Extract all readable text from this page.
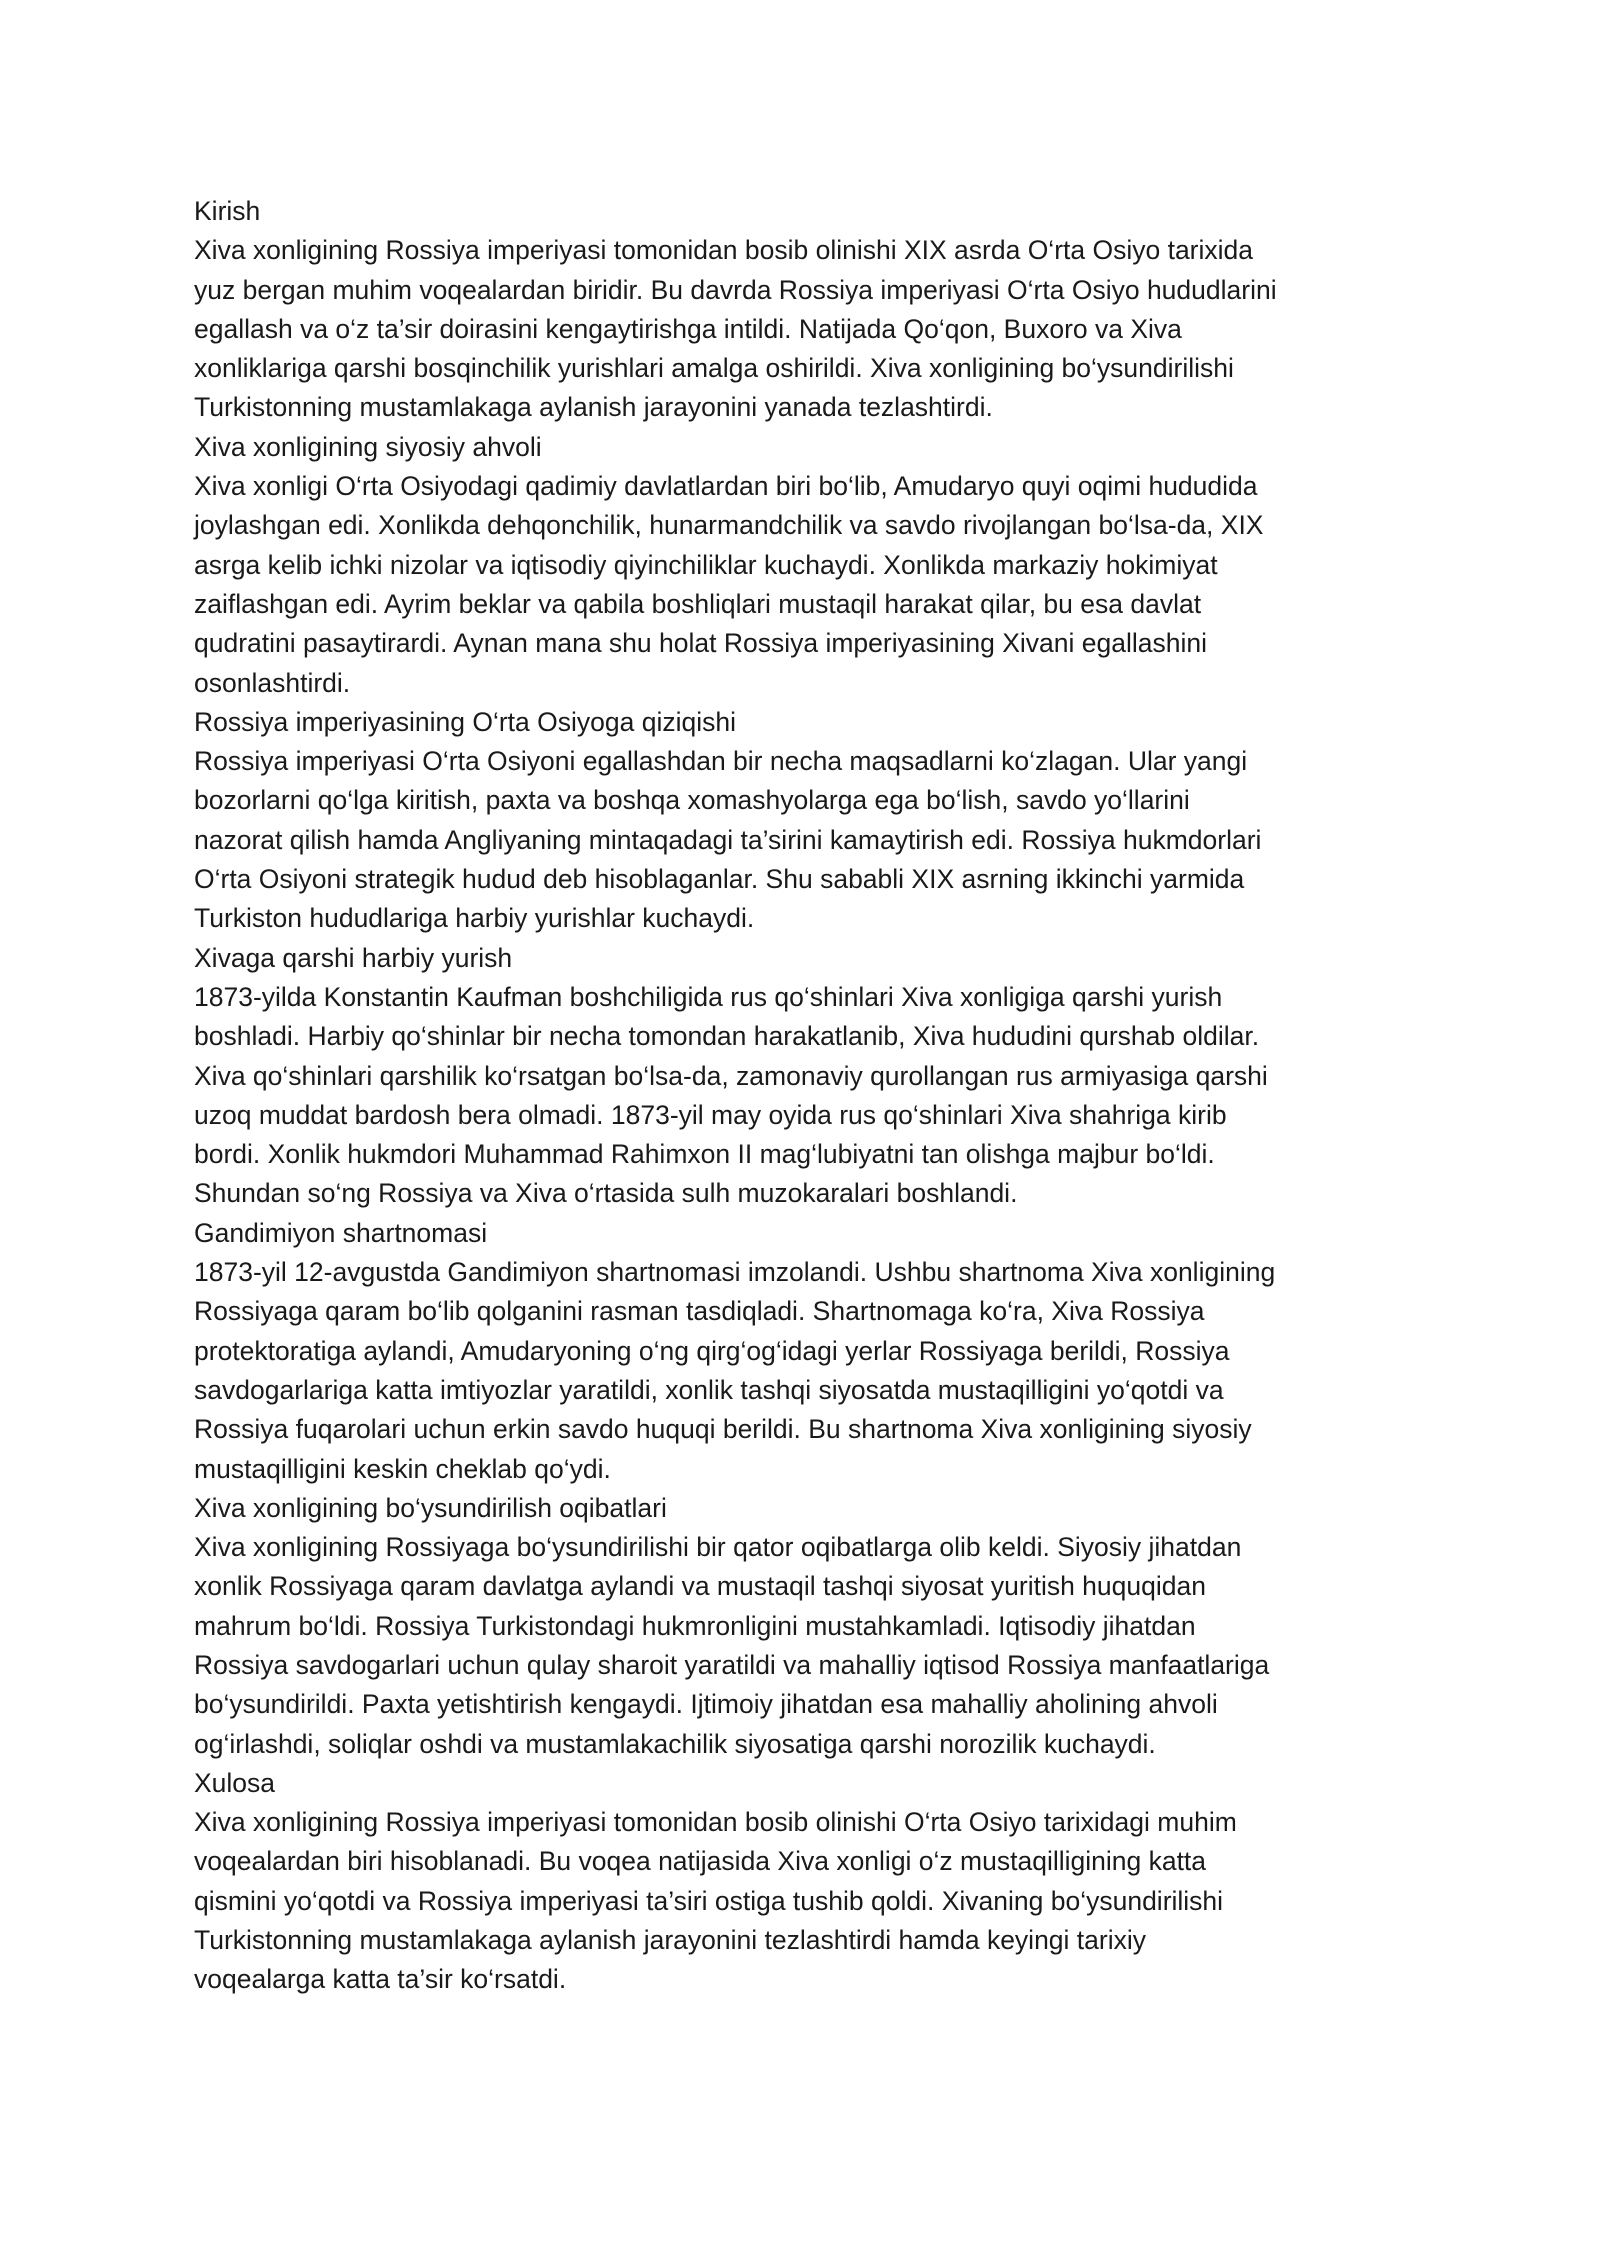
Kirish
Xiva xonligining Rossiya imperiyasi tomonidan bosib olinishi XIX asrda O‘rta Osiyo tarixida
yuz bergan muhim voqealardan biridir. Bu davrda Rossiya imperiyasi O‘rta Osiyo hududlarini
egallash va o‘z ta’sir doirasini kengaytirishga intildi. Natijada Qo‘qon, Buxoro va Xiva
xonliklariga qarshi bosqinchilik yurishlari amalga oshirildi. Xiva xonligining bo‘ysundirilishi
Turkistonning mustamlakaga aylanish jarayonini yanada tezlashtirdi.
Xiva xonligining siyosiy ahvoli
Xiva xonligi O‘rta Osiyodagi qadimiy davlatlardan biri bo‘lib, Amudaryo quyi oqimi hududida
joylashgan edi. Xonlikda dehqonchilik, hunarmandchilik va savdo rivojlangan bo‘lsa-da, XIX
asrga kelib ichki nizolar va iqtisodiy qiyinchiliklar kuchaydi. Xonlikda markaziy hokimiyat
zaiflashgan edi. Ayrim beklar va qabila boshliqlari mustaqil harakat qilar, bu esa davlat
qudratini pasaytirardi. Aynan mana shu holat Rossiya imperiyasining Xivani egallashini
osonlashtirdi.
Rossiya imperiyasining O‘rta Osiyoga qiziqishi
Rossiya imperiyasi O‘rta Osiyoni egallashdan bir necha maqsadlarni ko‘zlagan. Ular yangi
bozorlarni qo‘lga kiritish, paxta va boshqa xomashyolarga ega bo‘lish, savdo yo‘llarini
nazorat qilish hamda Angliyaning mintaqadagi ta’sirini kamaytirish edi. Rossiya hukmdorlari
O‘rta Osiyoni strategik hudud deb hisoblaganlar. Shu sababli XIX asrning ikkinchi yarmida
Turkiston hududlariga harbiy yurishlar kuchaydi.
Xivaga qarshi harbiy yurish
1873-yilda Konstantin Kaufman boshchiligida rus qo‘shinlari Xiva xonligiga qarshi yurish
boshladi. Harbiy qo‘shinlar bir necha tomondan harakatlanib, Xiva hududini qurshab oldilar.
Xiva qo‘shinlari qarshilik ko‘rsatgan bo‘lsa-da, zamonaviy qurollangan rus armiyasiga qarshi
uzoq muddat bardosh bera olmadi. 1873-yil may oyida rus qo‘shinlari Xiva shahriga kirib
bordi. Xonlik hukmdori Muhammad Rahimxon II mag‘lubiyatni tan olishga majbur bo‘ldi.
Shundan so‘ng Rossiya va Xiva o‘rtasida sulh muzokaralari boshlandi.
Gandimiyon shartnomasi
1873-yil 12-avgustda Gandimiyon shartnomasi imzolandi. Ushbu shartnoma Xiva xonligining
Rossiyaga qaram bo‘lib qolganini rasman tasdiqladi. Shartnomaga ko‘ra, Xiva Rossiya
protektoratiga aylandi, Amudaryoning o‘ng qirg‘og‘idagi yerlar Rossiyaga berildi, Rossiya
savdogarlariga katta imtiyozlar yaratildi, xonlik tashqi siyosatda mustaqilligini yo‘qotdi va
Rossiya fuqarolari uchun erkin savdo huquqi berildi. Bu shartnoma Xiva xonligining siyosiy
mustaqilligini keskin cheklab qo‘ydi.
Xiva xonligining bo‘ysundirilish oqibatlari
Xiva xonligining Rossiyaga bo‘ysundirilishi bir qator oqibatlarga olib keldi. Siyosiy jihatdan
xonlik Rossiyaga qaram davlatga aylandi va mustaqil tashqi siyosat yuritish huquqidan
mahrum bo‘ldi. Rossiya Turkistondagi hukmronligini mustahkamladi. Iqtisodiy jihatdan
Rossiya savdogarlari uchun qulay sharoit yaratildi va mahalliy iqtisod Rossiya manfaatlariga
bo‘ysundirildi. Paxta yetishtirish kengaydi. Ijtimoiy jihatdan esa mahalliy aholining ahvoli
og‘irlashdi, soliqlar oshdi va mustamlakachilik siyosatiga qarshi norozilik kuchaydi.
Xulosa
Xiva xonligining Rossiya imperiyasi tomonidan bosib olinishi O‘rta Osiyo tarixidagi muhim
voqealardan biri hisoblanadi. Bu voqea natijasida Xiva xonligi o‘z mustaqilligining katta
qismini yo‘qotdi va Rossiya imperiyasi ta’siri ostiga tushib qoldi. Xivaning bo‘ysundirilishi
Turkistonning mustamlakaga aylanish jarayonini tezlashtirdi hamda keyingi tarixiy
voqealarga katta ta’sir ko‘rsatdi.
